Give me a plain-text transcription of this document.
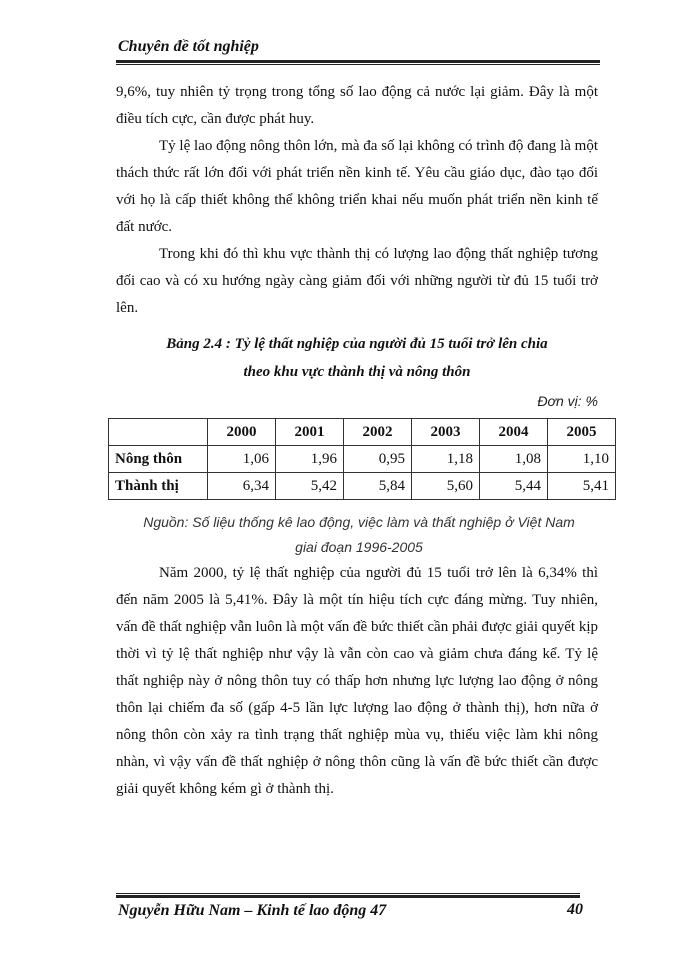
Chuyên đề tốt nghiệp

9,6%, tuy nhiên tỷ trọng trong tổng số lao động cả nước lại giảm. Đây là một điều tích cực, cần được phát huy.

Tỷ lệ lao động nông thôn lớn, mà đa số lại không có trình độ đang là một thách thức rất lớn đối với phát triển nền kinh tế. Yêu cầu giáo dục, đào tạo đối với họ là cấp thiết không thể không triển khai nếu muốn phát triển nền kinh tế đất nước.

Trong khi đó thì khu vực thành thị có lượng lao động thất nghiệp tương đối cao và có xu hướng ngày càng giảm đối với những người từ đủ 15 tuổi trở lên.

Bảng 2.4 : Tỷ lệ thất nghiệp của người đủ 15 tuổi trở lên chia
theo khu vực thành thị và nông thôn
Đơn vị: %
	2000	2001	2002	2003	2004	2005
Nông thôn	1,06	1,96	0,95	1,18	1,08	1,10
Thành thị	6,34	5,42	5,84	5,60	5,44	5,41
Nguồn: Số liệu thống kê lao động, việc làm và thất nghiệp ở Việt Nam
giai đoạn 1996-2005

Năm 2000, tỷ lệ thất nghiệp của người đủ 15 tuổi trở lên là 6,34% thì đến năm 2005 là 5,41%. Đây là một tín hiệu tích cực đáng mừng. Tuy nhiên, vấn đề thất nghiệp vẫn luôn là một vấn đề bức thiết cần phải được giải quyết kịp thời vì tỷ lệ thất nghiệp như vậy là vẫn còn cao và giảm chưa đáng kể. Tỷ lệ thất nghiệp này ở nông thôn tuy có thấp hơn nhưng lực lượng lao động ở nông thôn lại chiếm đa số (gấp 4-5 lần lực lượng lao động ở thành thị), hơn nữa ở nông thôn còn xảy ra tình trạng thất nghiệp mùa vụ, thiếu việc làm khi nông nhàn, vì vậy vấn đề thất nghiệp ở nông thôn cũng là vấn đề bức thiết cần được giải quyết không kém gì ở thành thị.

Nguyễn Hữu Nam – Kinh tế lao động 47	40
